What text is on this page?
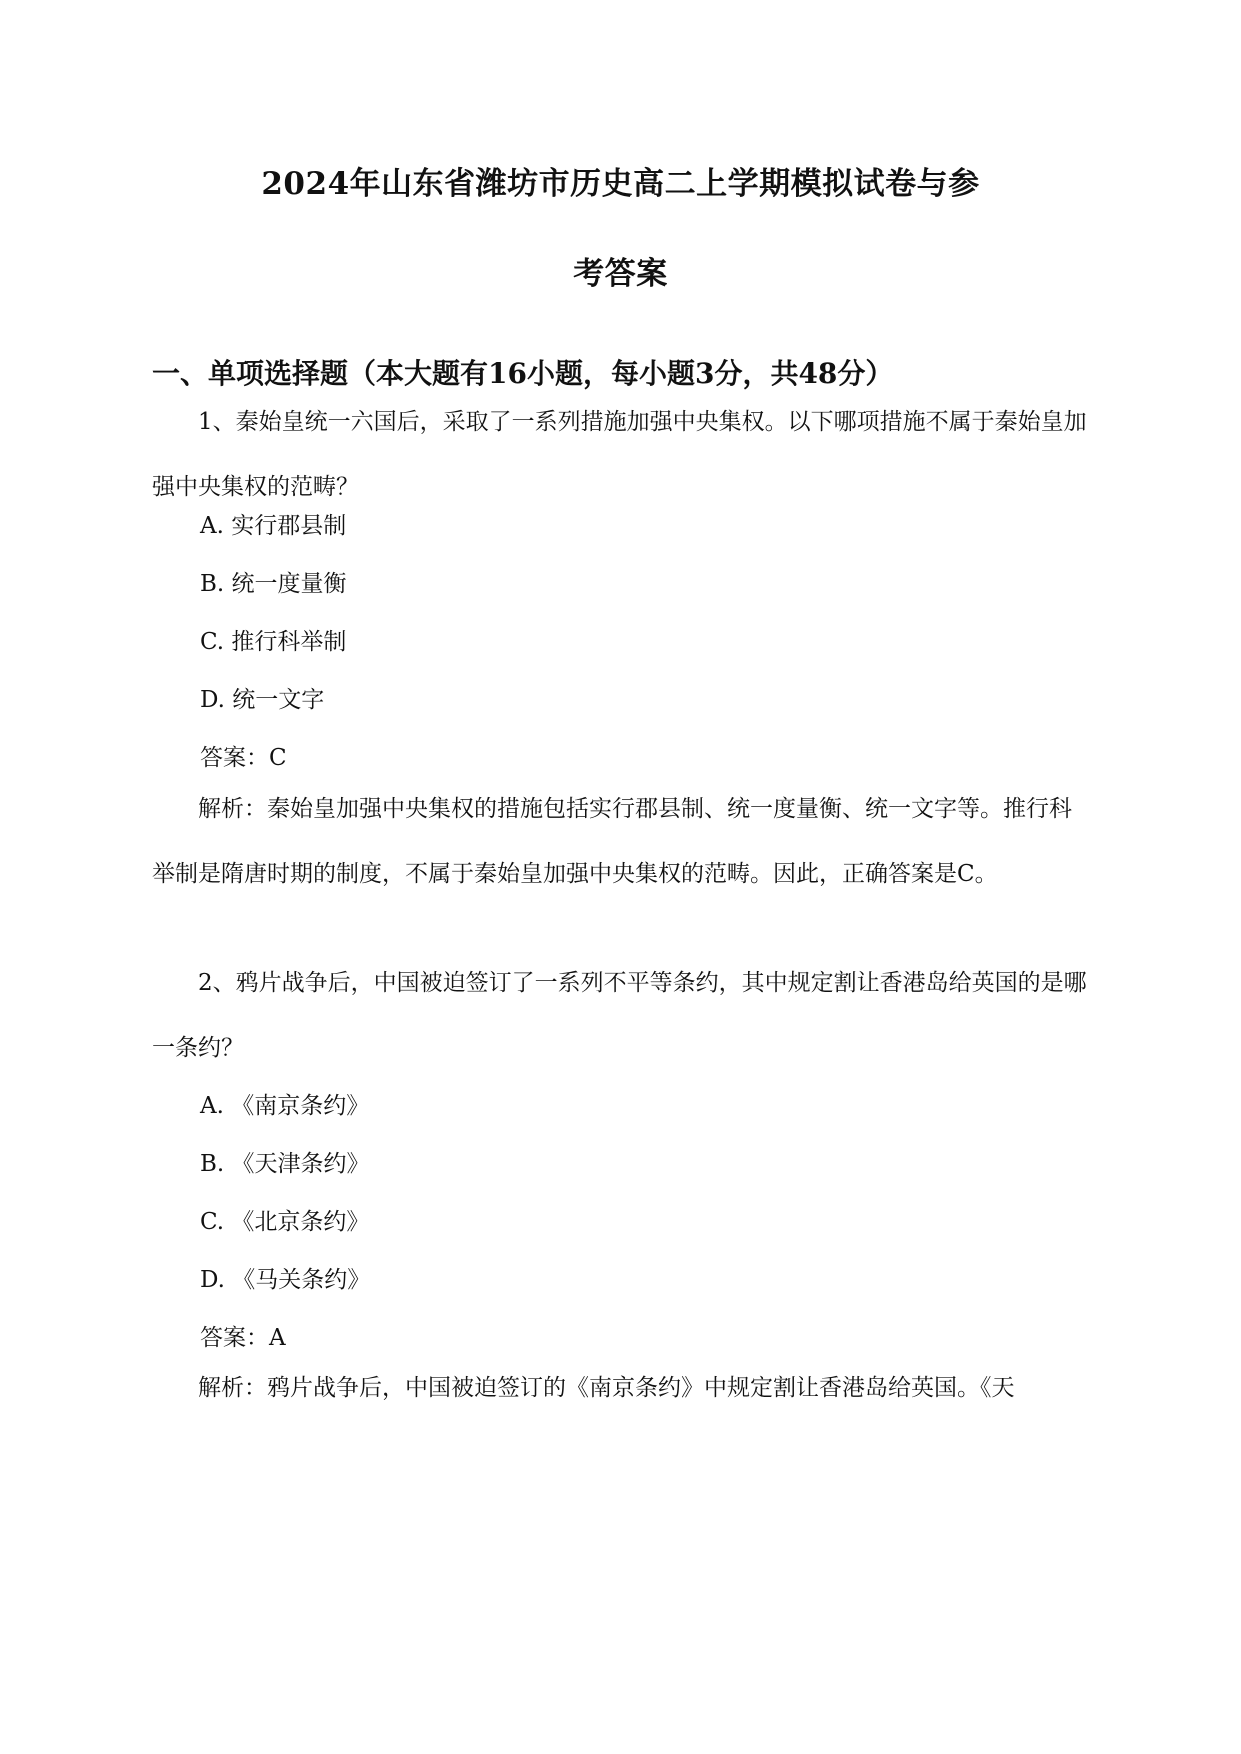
2024年山东省潍坊市历史高二上学期模拟试卷与参
考答案
一、单项选择题（本大题有16小题，每小题3分，共48分）

1、秦始皇统一六国后，采取了一系列措施加强中央集权。以下哪项措施不属于秦始皇加强中央集权的范畴？

A. 实行郡县制
B. 统一度量衡
C. 推行科举制
D. 统一文字
答案：C

解析：秦始皇加强中央集权的措施包括实行郡县制、统一度量衡、统一文字等。推行科举制是隋唐时期的制度，不属于秦始皇加强中央集权的范畴。因此，正确答案是C。

2、鸦片战争后，中国被迫签订了一系列不平等条约，其中规定割让香港岛给英国的是哪一条约？

A. 《南京条约》
B. 《天津条约》
C. 《北京条约》
D. 《马关条约》
答案：A

解析：鸦片战争后，中国被迫签订的《南京条约》中规定割让香港岛给英国。《天
